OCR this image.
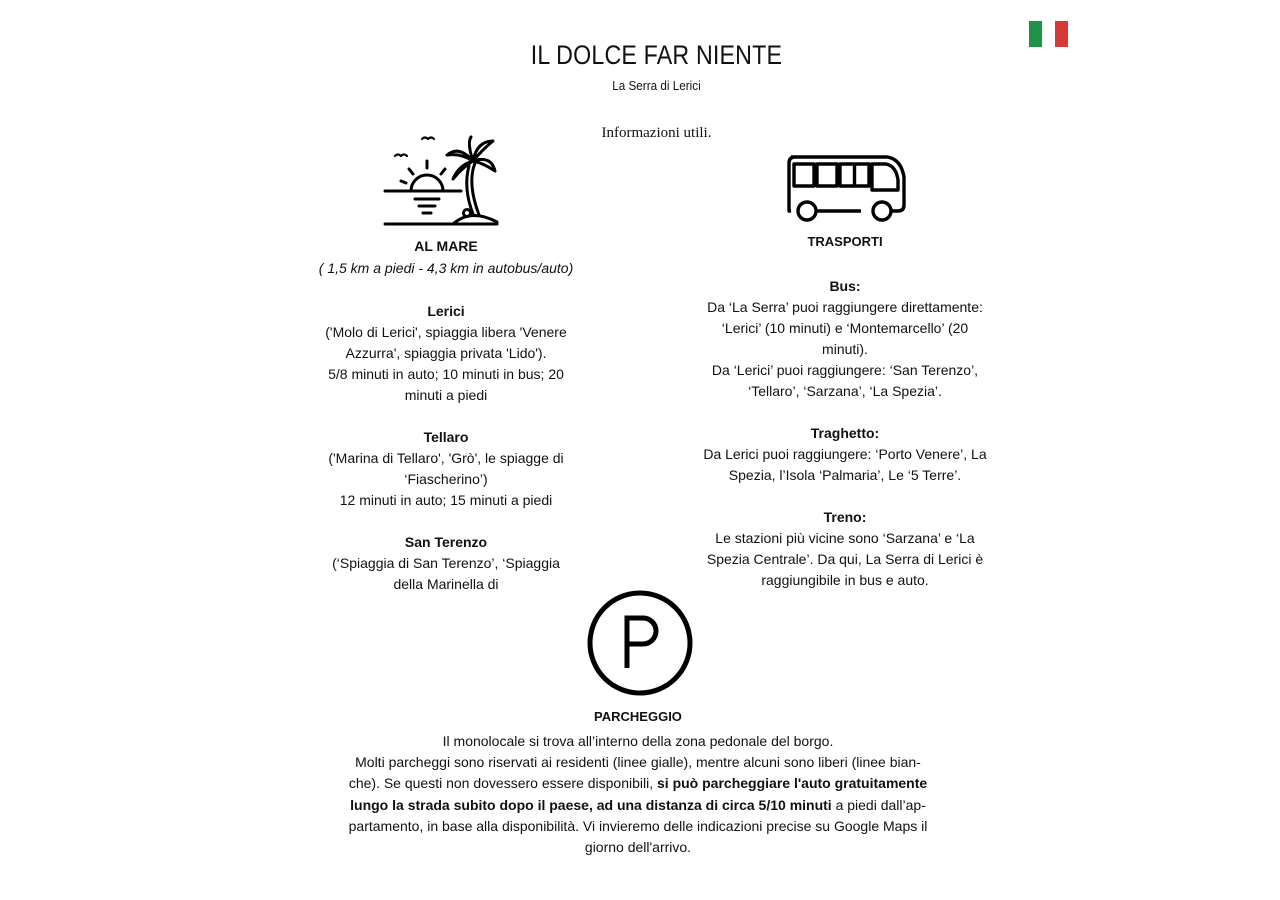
IL DOLCE FAR NIENTE
La Serra di Lerici
Informazioni utili.
AL MARE
( 1,5 km a piedi - 4,3 km in autobus/auto)

Lerici

('Molo di Lerici', spiaggia libera 'Venere

Azzurra', spiaggia privata 'Lido').

5/8 minuti in auto; 10 minuti in bus; 20

minuti a piedi

Tellaro

('Marina di Tellaro', 'Grò', le spiagge di

‘Fiascherino’)

12 minuti in auto; 15 minuti a piedi

San Terenzo

(‘Spiaggia di San Terenzo’, ‘Spiaggia

della Marinella di

TRASPORTI

Bus:

Da ‘La Serra’ puoi raggiungere direttamente:

‘Lerici’ (10 minuti) e ‘Montemarcello’ (20

minuti).

Da ‘Lerici’ puoi raggiungere: ‘San Terenzo’,

‘Tellaro’, ‘Sarzana’, ‘La Spezia’.

Traghetto:

Da Lerici puoi raggiungere: ‘Porto Venere’, La

Spezia, l’Isola ‘Palmaria’, Le ‘5 Terre’.

Treno:

Le stazioni più vicine sono ‘Sarzana’ e ‘La

Spezia Centrale’. Da qui, La Serra di Lerici è

raggiungibile in bus e auto.

PARCHEGGIO
Il monolocale si trova all’interno della zona pedonale del borgo.
Molti parcheggi sono riservati ai residenti (linee gialle), mentre alcuni sono liberi (linee bian-
che). Se questi non dovessero essere disponibili, si può parcheggiare l'auto gratuitamente
lungo la strada subito dopo il paese, ad una distanza di circa 5/10 minuti a piedi dall’ap-
partamento, in base alla disponibilità. Vi invieremo delle indicazioni precise su Google Maps il
giorno dell'arrivo.
